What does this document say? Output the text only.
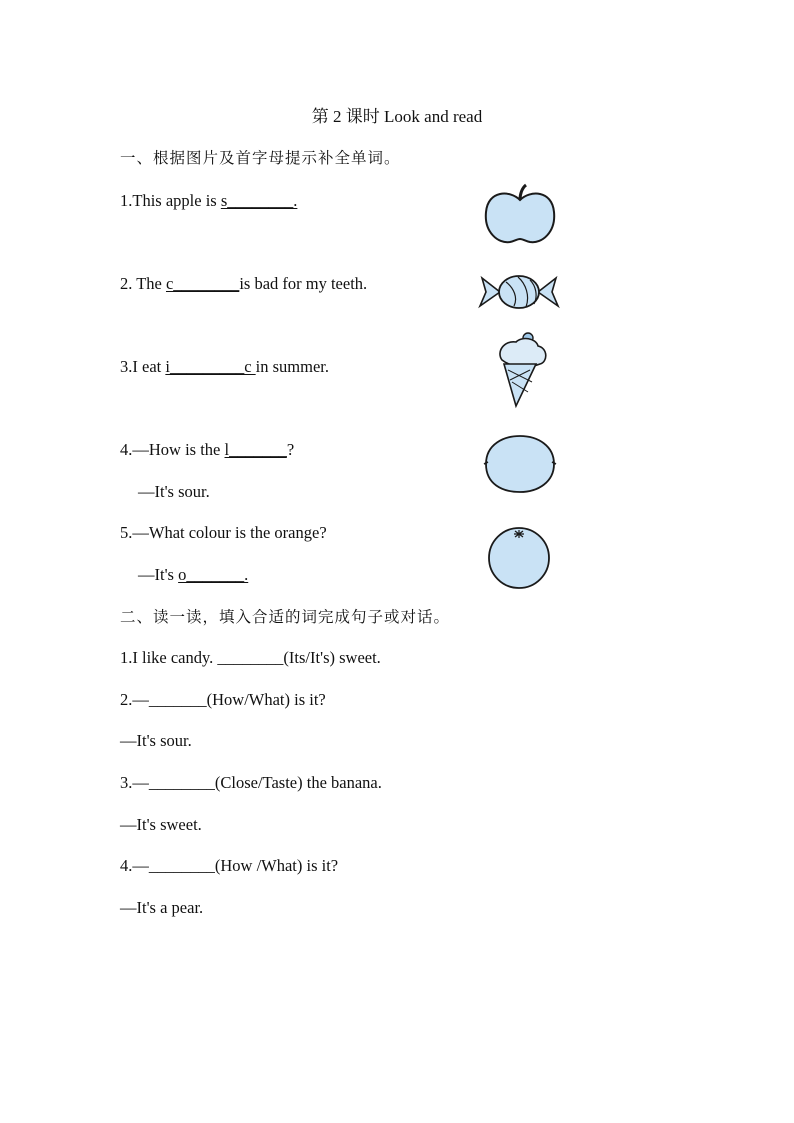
第 2 课时 Look and read
一、根据图片及首字母提示补全单词。
1.This apple is s________.
2. The c________is bad for my teeth.
3.I eat i_________c in summer.
4.—How is the l_______?
—It's sour.
5.—What colour is the orange?
—It's o_______.
二、读一读，填入合适的词完成句子或对话。
1.I like candy. ________(Its/It's) sweet.
2.—_______(How/What) is it?
—It's sour.
3.—________(Close/Taste) the banana.
—It's sweet.
4.—________(How /What) is it?
—It's a pear.
